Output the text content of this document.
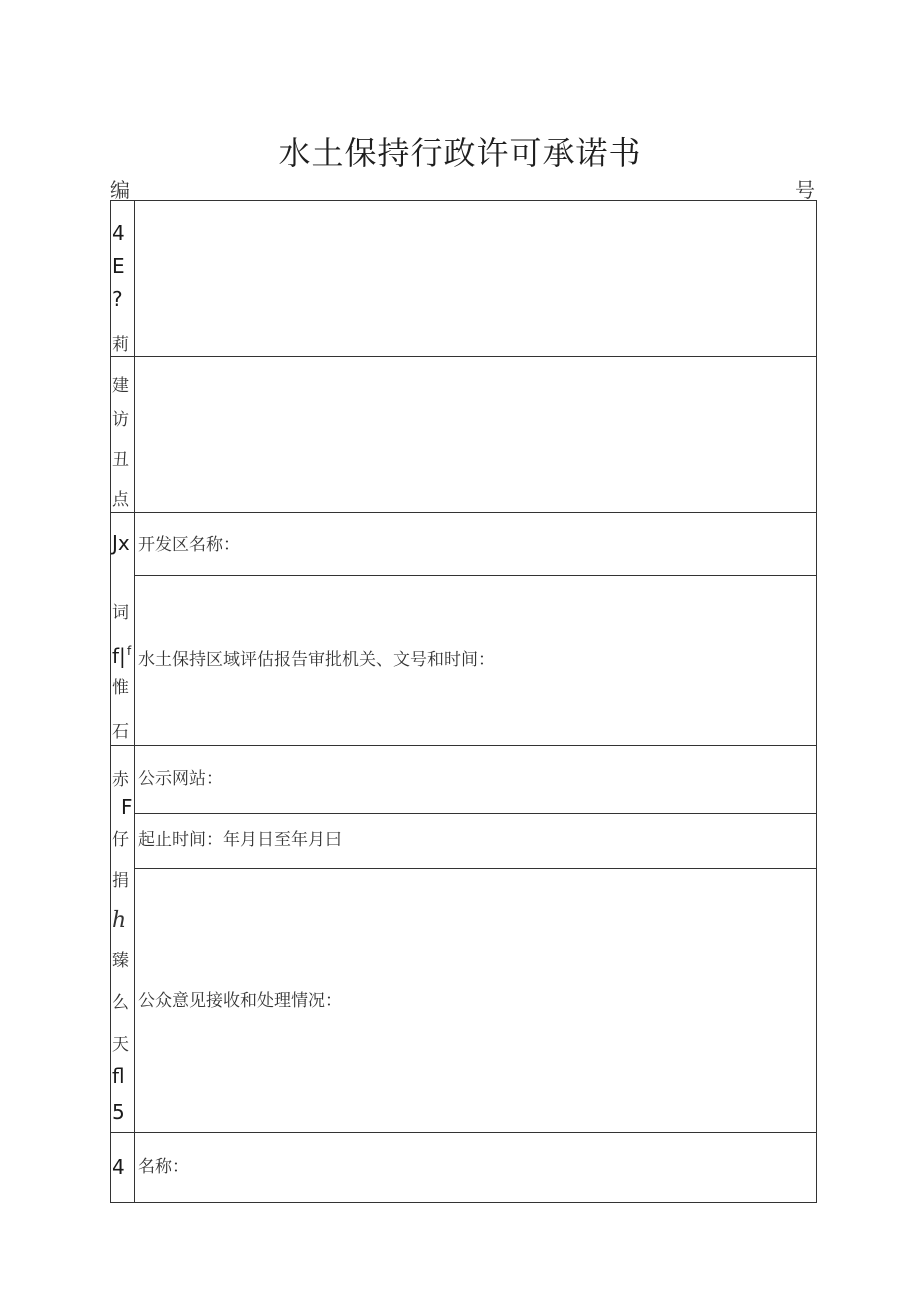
水土保持行政许可承诺书
编	号
4
E
?
莉
建
访
丑
点
Jx
词
f| f
惟
石
赤
F
仔
捐
h
臻
么
天
fl
5
4
开发区名称：
水土保持区域评估报告审批机关、文号和时间：
公示网站：
起止时间：年月日至年月曰
公众意见接收和处理情况：
名称：
